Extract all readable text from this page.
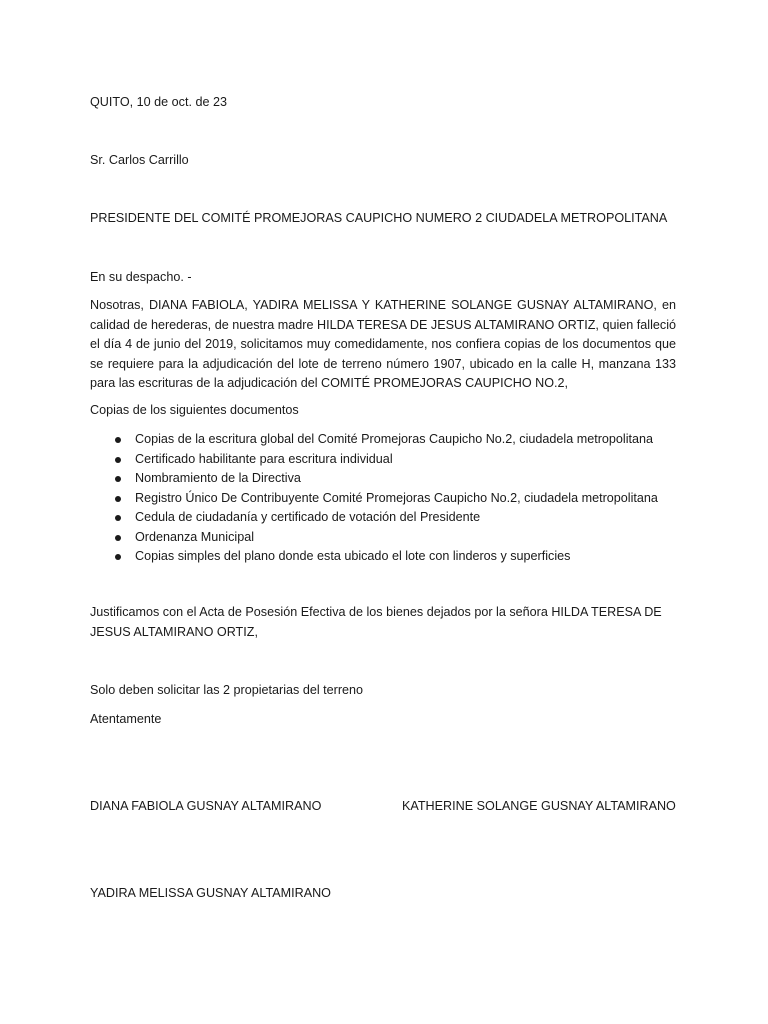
QUITO, 10 de oct. de 23

Sr. Carlos Carrillo

PRESIDENTE DEL COMITÉ PROMEJORAS CAUPICHO NUMERO 2 CIUDADELA METROPOLITANA

En su despacho. -

Nosotras, DIANA FABIOLA, YADIRA MELISSA Y KATHERINE SOLANGE GUSNAY ALTAMIRANO, en calidad de herederas, de nuestra madre HILDA TERESA DE JESUS ALTAMIRANO ORTIZ, quien falleció el día 4 de junio del 2019, solicitamos muy comedidamente, nos confiera copias de los documentos que se requiere para la adjudicación del lote de terreno número 1907, ubicado en la calle H, manzana 133 para las escrituras de la adjudicación del COMITÉ PROMEJORAS CAUPICHO NO.2,

Copias de los siguientes documentos

Copias de la escritura global del Comité Promejoras Caupicho No.2, ciudadela metropolitana
Certificado habilitante para escritura individual
Nombramiento de la Directiva
Registro Único De Contribuyente Comité Promejoras Caupicho No.2, ciudadela metropolitana
Cedula de ciudadanía y certificado de votación del Presidente
Ordenanza Municipal
Copias simples del plano donde esta ubicado el lote con linderos y superficies

Justificamos con el Acta de Posesión Efectiva de los bienes dejados por la señora HILDA TERESA DE JESUS ALTAMIRANO ORTIZ,

Solo deben solicitar las 2 propietarias del terreno

Atentamente

DIANA FABIOLA GUSNAY ALTAMIRANO	KATHERINE SOLANGE GUSNAY ALTAMIRANO

YADIRA MELISSA GUSNAY ALTAMIRANO
